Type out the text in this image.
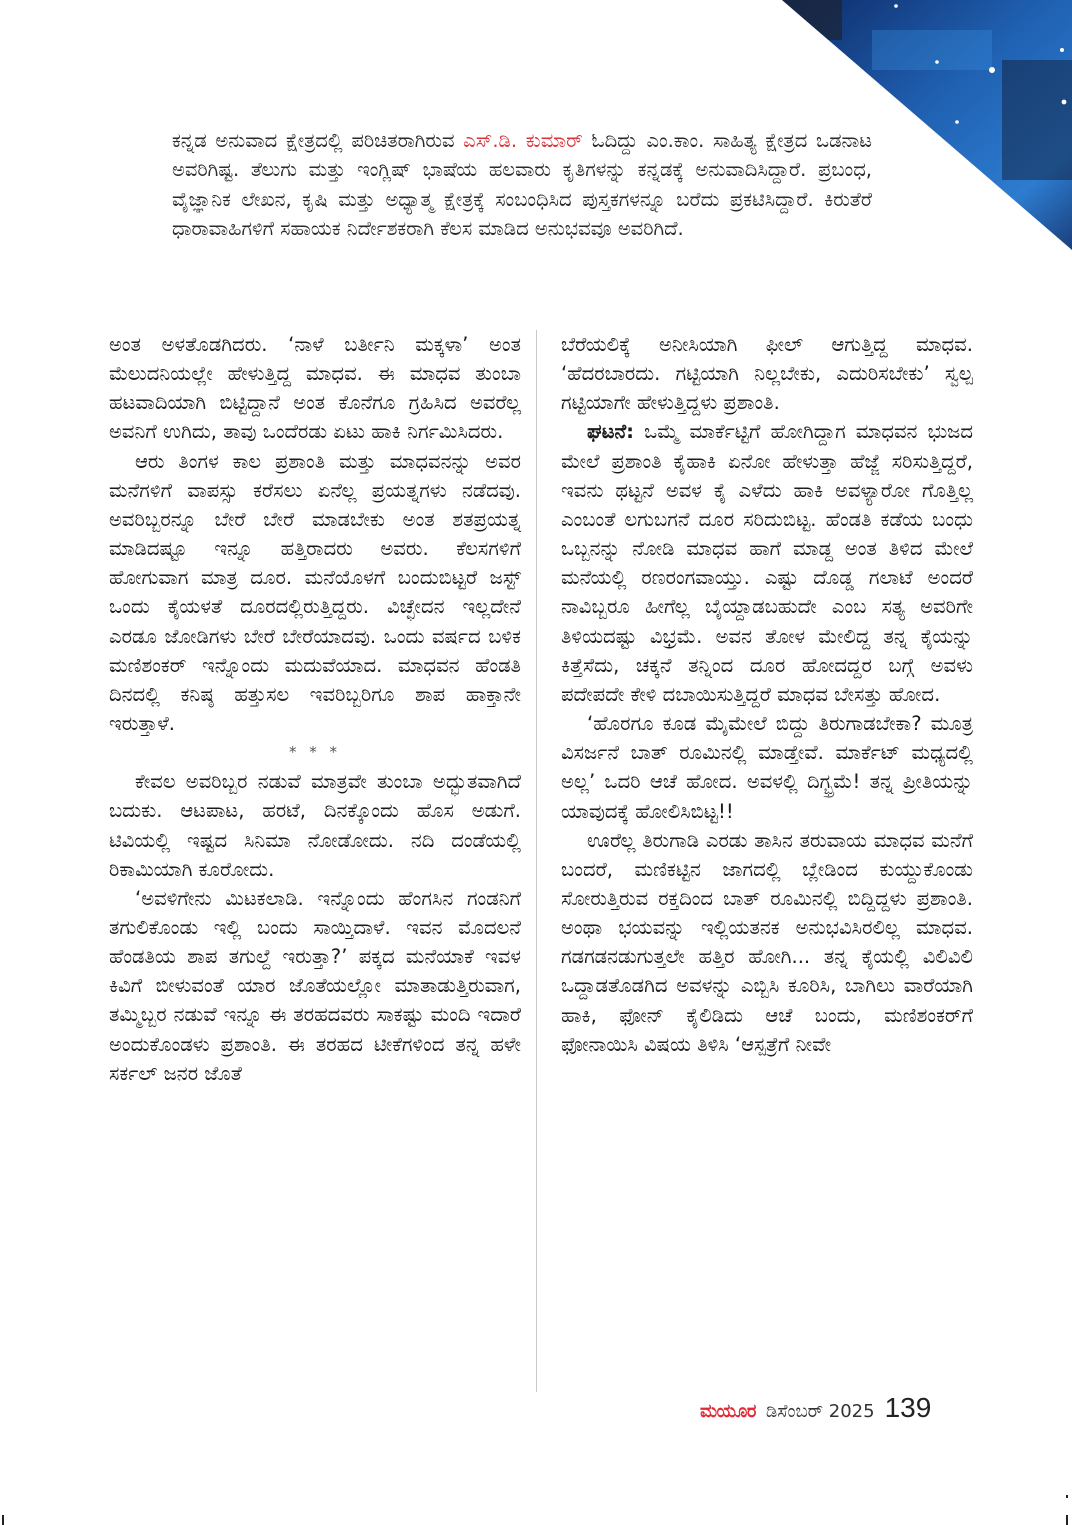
ಕನ್ನಡ ಅನುವಾದ ಕ್ಷೇತ್ರದಲ್ಲಿ ಪರಿಚಿತರಾಗಿರುವ ಎಸ್.ಡಿ. ಕುಮಾರ್ ಓದಿದ್ದು ಎಂ.ಕಾಂ. ಸಾಹಿತ್ಯ ಕ್ಷೇತ್ರದ ಒಡನಾಟ ಅವರಿಗಿಷ್ಟ. ತೆಲುಗು ಮತ್ತು ಇಂಗ್ಲಿಷ್ ಭಾಷೆಯ ಹಲವಾರು ಕೃತಿಗಳನ್ನು ಕನ್ನಡಕ್ಕೆ ಅನುವಾದಿಸಿದ್ದಾರೆ. ಪ್ರಬಂಧ, ವೈಜ್ಞಾನಿಕ ಲೇಖನ, ಕೃಷಿ ಮತ್ತು ಅಧ್ಯಾತ್ಮ ಕ್ಷೇತ್ರಕ್ಕೆ ಸಂಬಂಧಿಸಿದ ಪುಸ್ತಕಗಳನ್ನೂ ಬರೆದು ಪ್ರಕಟಿಸಿದ್ದಾರೆ. ಕಿರುತೆರೆ ಧಾರಾವಾಹಿಗಳಿಗೆ ಸಹಾಯಕ ನಿರ್ದೇಶಕರಾಗಿ ಕೆಲಸ ಮಾಡಿದ ಅನುಭವವೂ ಅವರಿಗಿದೆ.

ಅಂತ ಅಳತೊಡಗಿದರು. ‘ನಾಳೆ ಬರ್ತೀನಿ ಮಕ್ಕಳಾ’ ಅಂತ ಮೆಲುದನಿಯಲ್ಲೇ ಹೇಳುತ್ತಿದ್ದ ಮಾಧವ. ಈ ಮಾಧವ ತುಂಬಾ ಹಟವಾದಿಯಾಗಿ ಬಿಟ್ಟಿದ್ದಾನೆ ಅಂತ ಕೊನೆಗೂ ಗ್ರಹಿಸಿದ ಅವರೆಲ್ಲ ಅವನಿಗೆ ಉಗಿದು, ತಾವು ಒಂದೆರಡು ಏಟು ಹಾಕಿ ನಿರ್ಗಮಿಸಿದರು.

ಆರು ತಿಂಗಳ ಕಾಲ ಪ್ರಶಾಂತಿ ಮತ್ತು ಮಾಧವನನ್ನು ಅವರ ಮನೆಗಳಿಗೆ ವಾಪಸ್ಸು ಕರೆಸಲು ಏನೆಲ್ಲ ಪ್ರಯತ್ನಗಳು ನಡೆದವು. ಅವರಿಬ್ಬರನ್ನೂ ಬೇರೆ ಬೇರೆ ಮಾಡಬೇಕು ಅಂತ ಶತಪ್ರಯತ್ನ ಮಾಡಿದಷ್ಟೂ ಇನ್ನೂ ಹತ್ತಿರಾದರು ಅವರು. ಕೆಲಸಗಳಿಗೆ ಹೋಗುವಾಗ ಮಾತ್ರ ದೂರ. ಮನೆಯೊಳಗೆ ಬಂದುಬಿಟ್ಟರೆ ಜಸ್ಟ್ ಒಂದು ಕೈಯಳತೆ ದೂರದಲ್ಲಿರುತ್ತಿದ್ದರು. ವಿಚ್ಛೇದನ ಇಲ್ಲದೇನೆ ಎರಡೂ ಜೋಡಿಗಳು ಬೇರೆ ಬೇರೆಯಾದವು. ಒಂದು ವರ್ಷದ ಬಳಿಕ ಮಣಿಶಂಕರ್ ಇನ್ನೊಂದು ಮದುವೆಯಾದ. ಮಾಧವನ ಹೆಂಡತಿ ದಿನದಲ್ಲಿ ಕನಿಷ್ಠ ಹತ್ತುಸಲ ಇವರಿಬ್ಬರಿಗೂ ಶಾಪ ಹಾಕ್ತಾನೇ ಇರುತ್ತಾಳೆ.

* * *

ಕೇವಲ ಅವರಿಬ್ಬರ ನಡುವೆ ಮಾತ್ರವೇ ತುಂಬಾ ಅದ್ಭುತವಾಗಿದೆ ಬದುಕು. ಆಟಪಾಟ, ಹರಟೆ, ದಿನಕ್ಕೊಂದು ಹೊಸ ಅಡುಗೆ. ಟಿವಿಯಲ್ಲಿ ಇಷ್ಟದ ಸಿನಿಮಾ ನೋಡೋದು. ನದಿ ದಂಡೆಯಲ್ಲಿ ರಿಕಾಮಿಯಾಗಿ ಕೂರೋದು.

‘ಅವಳಿಗೇನು ಮಿಟಕಲಾಡಿ. ಇನ್ನೊಂದು ಹೆಂಗಸಿನ ಗಂಡನಿಗೆ ತಗುಲಿಕೊಂಡು ಇಲ್ಲಿ ಬಂದು ಸಾಯ್ತಿದಾಳೆ. ಇವನ ಮೊದಲನೆ ಹೆಂಡತಿಯ ಶಾಪ ತಗುಲ್ದೆ ಇರುತ್ತಾ?’ ಪಕ್ಕದ ಮನೆಯಾಕೆ ಇವಳ ಕಿವಿಗೆ ಬೀಳುವಂತೆ ಯಾರ ಜೊತೆಯಲ್ಲೋ ಮಾತಾಡುತ್ತಿರುವಾಗ, ತಮ್ಮಿಬ್ಬರ ನಡುವೆ ಇನ್ನೂ ಈ ತರಹದವರು ಸಾಕಷ್ಟು ಮಂದಿ ಇದಾರೆ ಅಂದುಕೊಂಡಳು ಪ್ರಶಾಂತಿ. ಈ ತರಹದ ಟೀಕೆಗಳಿಂದ ತನ್ನ ಹಳೇ ಸರ್ಕಲ್ ಜನರ ಜೊತೆ

ಬೆರೆಯಲಿಕ್ಕೆ ಅನೀಸಿಯಾಗಿ ಫೀಲ್ ಆಗುತ್ತಿದ್ದ ಮಾಧವ. ‘ಹೆದರಬಾರದು. ಗಟ್ಟಿಯಾಗಿ ನಿಲ್ಲಬೇಕು, ಎದುರಿಸಬೇಕು’ ಸ್ವಲ್ಪ ಗಟ್ಟಿಯಾಗೇ ಹೇಳುತ್ತಿದ್ದಳು ಪ್ರಶಾಂತಿ.

ಘಟನೆ: ಒಮ್ಮೆ ಮಾರ್ಕೆಟ್ಟಿಗೆ ಹೋಗಿದ್ದಾಗ ಮಾಧವನ ಭುಜದ ಮೇಲೆ ಪ್ರಶಾಂತಿ ಕೈಹಾಕಿ ಏನೋ ಹೇಳುತ್ತಾ ಹೆಜ್ಜೆ ಸರಿಸುತ್ತಿದ್ದರೆ, ಇವನು ಥಟ್ಟನೆ ಅವಳ ಕೈ ಎಳೆದು ಹಾಕಿ ಅವಳ್ಯಾರೋ ಗೊತ್ತಿಲ್ಲ ಎಂಬಂತೆ ಲಗುಬಗನೆ ದೂರ ಸರಿದುಬಿಟ್ಟ. ಹೆಂಡತಿ ಕಡೆಯ ಬಂಧು ಒಬ್ಬನನ್ನು ನೋಡಿ ಮಾಧವ ಹಾಗೆ ಮಾಡ್ದ ಅಂತ ತಿಳಿದ ಮೇಲೆ ಮನೆಯಲ್ಲಿ ರಣರಂಗವಾಯ್ತು. ಎಷ್ಟು ದೊಡ್ಡ ಗಲಾಟೆ ಅಂದರೆ ನಾವಿಬ್ಬರೂ ಹೀಗೆಲ್ಲ ಬೈಯ್ದಾಡಬಹುದೇ ಎಂಬ ಸತ್ಯ ಅವರಿಗೇ ತಿಳಿಯದಷ್ಟು ವಿಭ್ರಮೆ. ಅವನ ತೋಳ ಮೇಲಿದ್ದ ತನ್ನ ಕೈಯನ್ನು ಕಿತ್ತೆಸೆದು, ಚಕ್ಕನೆ ತನ್ನಿಂದ ದೂರ ಹೋದದ್ದರ ಬಗ್ಗೆ ಅವಳು ಪದೇಪದೇ ಕೇಳಿ ದಬಾಯಿಸುತ್ತಿದ್ದರೆ ಮಾಧವ ಬೇಸತ್ತು ಹೋದ.

‘ಹೊರಗೂ ಕೂಡ ಮೈಮೇಲೆ ಬಿದ್ದು ತಿರುಗಾಡಬೇಕಾ? ಮೂತ್ರ ವಿಸರ್ಜನೆ ಬಾತ್ ರೂಮಿನಲ್ಲಿ ಮಾಡ್ತೇವೆ. ಮಾರ್ಕೆಟ್ ಮಧ್ಯದಲ್ಲಿ ಅಲ್ಲ’ ಒದರಿ ಆಚೆ ಹೋದ. ಅವಳಲ್ಲಿ ದಿಗ್ಭ್ರಮೆ! ತನ್ನ ಪ್ರೀತಿಯನ್ನು ಯಾವುದಕ್ಕೆ ಹೋಲಿಸಿಬಿಟ್ಟ!!

ಊರೆಲ್ಲ ತಿರುಗಾಡಿ ಎರಡು ತಾಸಿನ ತರುವಾಯ ಮಾಧವ ಮನೆಗೆ ಬಂದರೆ, ಮಣಿಕಟ್ಟಿನ ಜಾಗದಲ್ಲಿ ಬ್ಲೇಡಿಂದ ಕುಯ್ದುಕೊಂಡು ಸೋರುತ್ತಿರುವ ರಕ್ತದಿಂದ ಬಾತ್ ರೂಮಿನಲ್ಲಿ ಬಿದ್ದಿದ್ದಳು ಪ್ರಶಾಂತಿ. ಅಂಥಾ ಭಯವನ್ನು ಇಲ್ಲಿಯತನಕ ಅನುಭವಿಸಿರಲಿಲ್ಲ ಮಾಧವ. ಗಡಗಡನಡುಗುತ್ತಲೇ ಹತ್ತಿರ ಹೋಗಿ... ತನ್ನ ಕೈಯಲ್ಲಿ ವಿಲಿವಿಲಿ ಒದ್ದಾಡತೊಡಗಿದ ಅವಳನ್ನು ಎಬ್ಬಿಸಿ ಕೂರಿಸಿ, ಬಾಗಿಲು ವಾರೆಯಾಗಿ ಹಾಕಿ, ಫೋನ್ ಕೈಲಿಡಿದು ಆಚೆ ಬಂದು, ಮಣಿಶಂಕರ್‌ಗೆ ಫೋನಾಯಿಸಿ ವಿಷಯ ತಿಳಿಸಿ ‘ಆಸ್ಪತ್ರೆಗೆ ನೀವೇ

ಮಯೂರ ಡಿಸೆಂಬರ್ 2025 139
